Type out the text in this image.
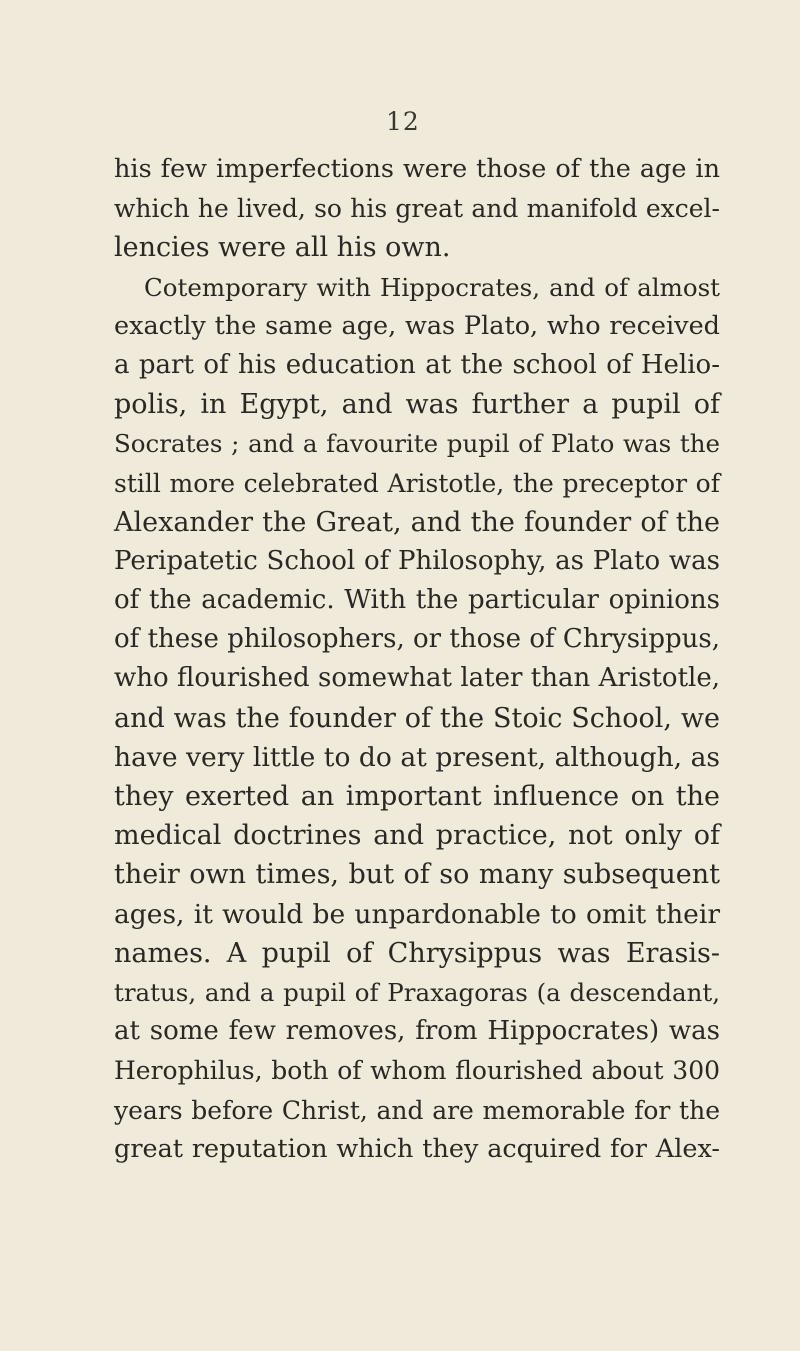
12
his few imperfections were those of the age in
which he lived, so his great and manifold excel-
lencies were all his own.
Cotemporary with Hippocrates, and of almost
exactly the same age, was Plato, who received
a part of his education at the school of Helio-
polis, in Egypt, and was further a pupil of
Socrates ; and a favourite pupil of Plato was the
still more celebrated Aristotle, the preceptor of
Alexander the Great, and the founder of the
Peripatetic School of Philosophy, as Plato was
of the academic. With the particular opinions
of these philosophers, or those of Chrysippus,
who flourished somewhat later than Aristotle,
and was the founder of the Stoic School, we
have very little to do at present, although, as
they exerted an important influence on the
medical doctrines and practice, not only of
their own times, but of so many subsequent
ages, it would be unpardonable to omit their
names. A pupil of Chrysippus was Erasis-
tratus, and a pupil of Praxagoras (a descendant,
at some few removes, from Hippocrates) was
Herophilus, both of whom flourished about 300
years before Christ, and are memorable for the
great reputation which they acquired for Alex-
